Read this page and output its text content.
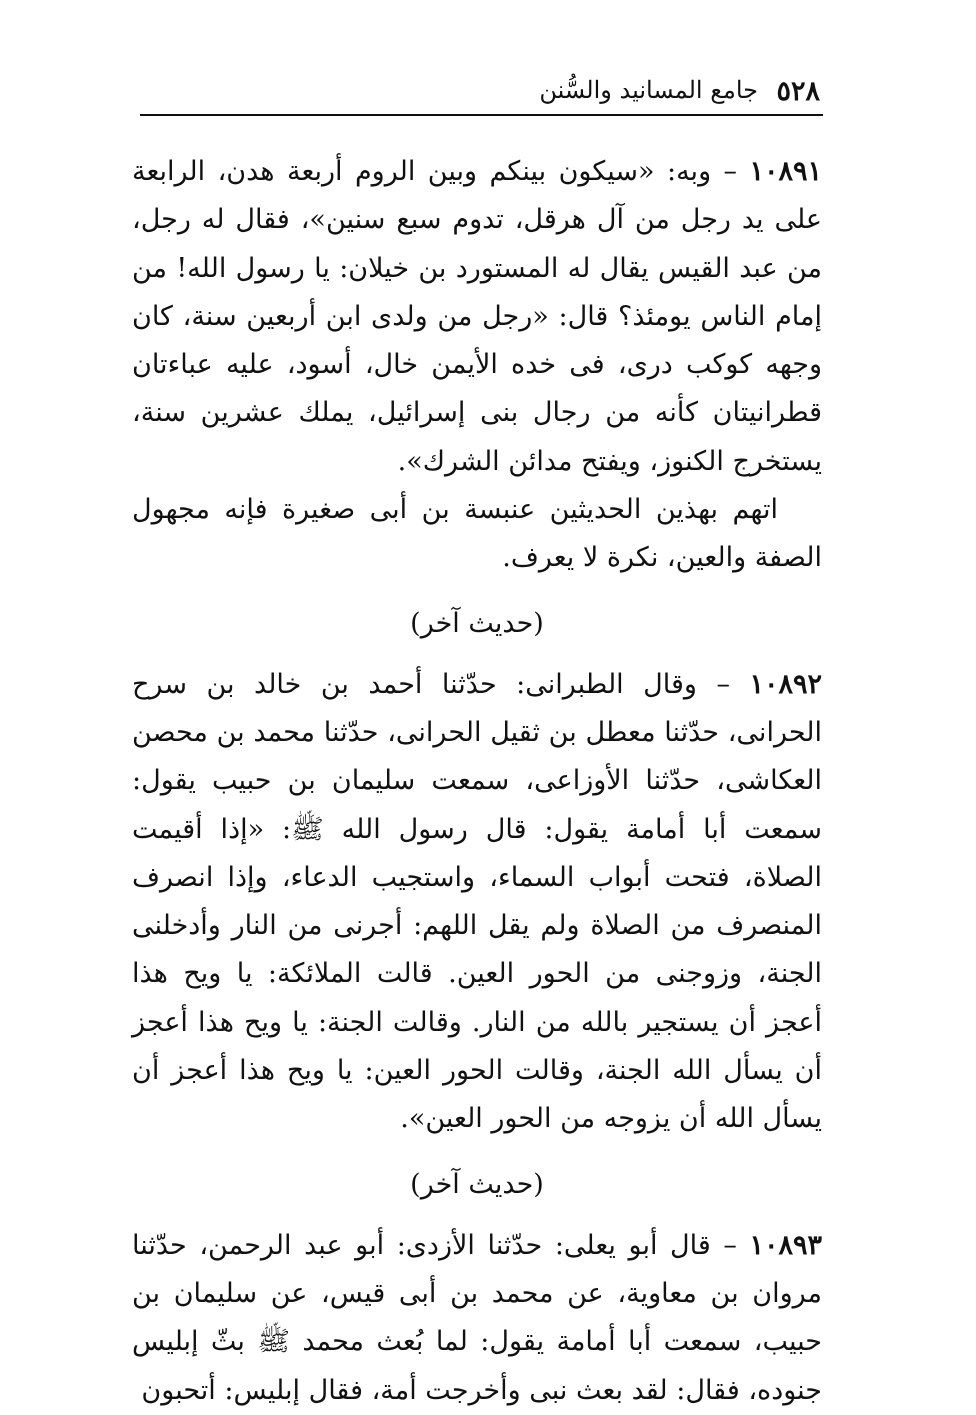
٥٢٨
جامع المسانيد والسُّنن

١٠٨٩١ – وبه: «سيكون بينكم وبين الروم أربعة هدن، الرابعة على يد رجل من آل هرقل، تدوم سبع سنين»، فقال له رجل، من عبد القيس يقال له المستورد بن خيلان: يا رسول الله! من إمام الناس يومئذ؟ قال: «رجل من ولدى ابن أربعين سنة، كان وجهه كوكب درى، فى خده الأيمن خال، أسود، عليه عباءتان قطرانيتان كأنه من رجال بنى إسرائيل، يملك عشرين سنة، يستخرج الكنوز، ويفتح مدائن الشرك».

اتهم بهذين الحديثين عنبسة بن أبى صغيرة فإنه مجهول الصفة والعين، نكرة لا يعرف.

(حديث آخر)

١٠٨٩٢ – وقال الطبرانى: حدّثنا أحمد بن خالد بن سرح الحرانى، حدّثنا معطل بن ثقيل الحرانى، حدّثنا محمد بن محصن العكاشى، حدّثنا الأوزاعى، سمعت سليمان بن حبيب يقول: سمعت أبا أمامة يقول: قال رسول الله ﷺ: «إذا أقيمت الصلاة، فتحت أبواب السماء، واستجيب الدعاء، وإذا انصرف المنصرف من الصلاة ولم يقل اللهم: أجرنى من النار وأدخلنى الجنة، وزوجنى من الحور العين. قالت الملائكة: يا ويح هذا أعجز أن يستجير بالله من النار. وقالت الجنة: يا ويح هذا أعجز أن يسأل الله الجنة، وقالت الحور العين: يا ويح هذا أعجز أن يسأل الله أن يزوجه من الحور العين».

(حديث آخر)

١٠٨٩٣ – قال أبو يعلى: حدّثنا الأزدى: أبو عبد الرحمن، حدّثنا مروان بن معاوية، عن محمد بن أبى قيس، عن سليمان بن حبيب، سمعت أبا أمامة يقول: لما بُعث محمد ﷺ بثّ إبليس جنوده، فقال: لقد بعث نبى وأخرجت أمة، فقال إبليس: أتحبون
